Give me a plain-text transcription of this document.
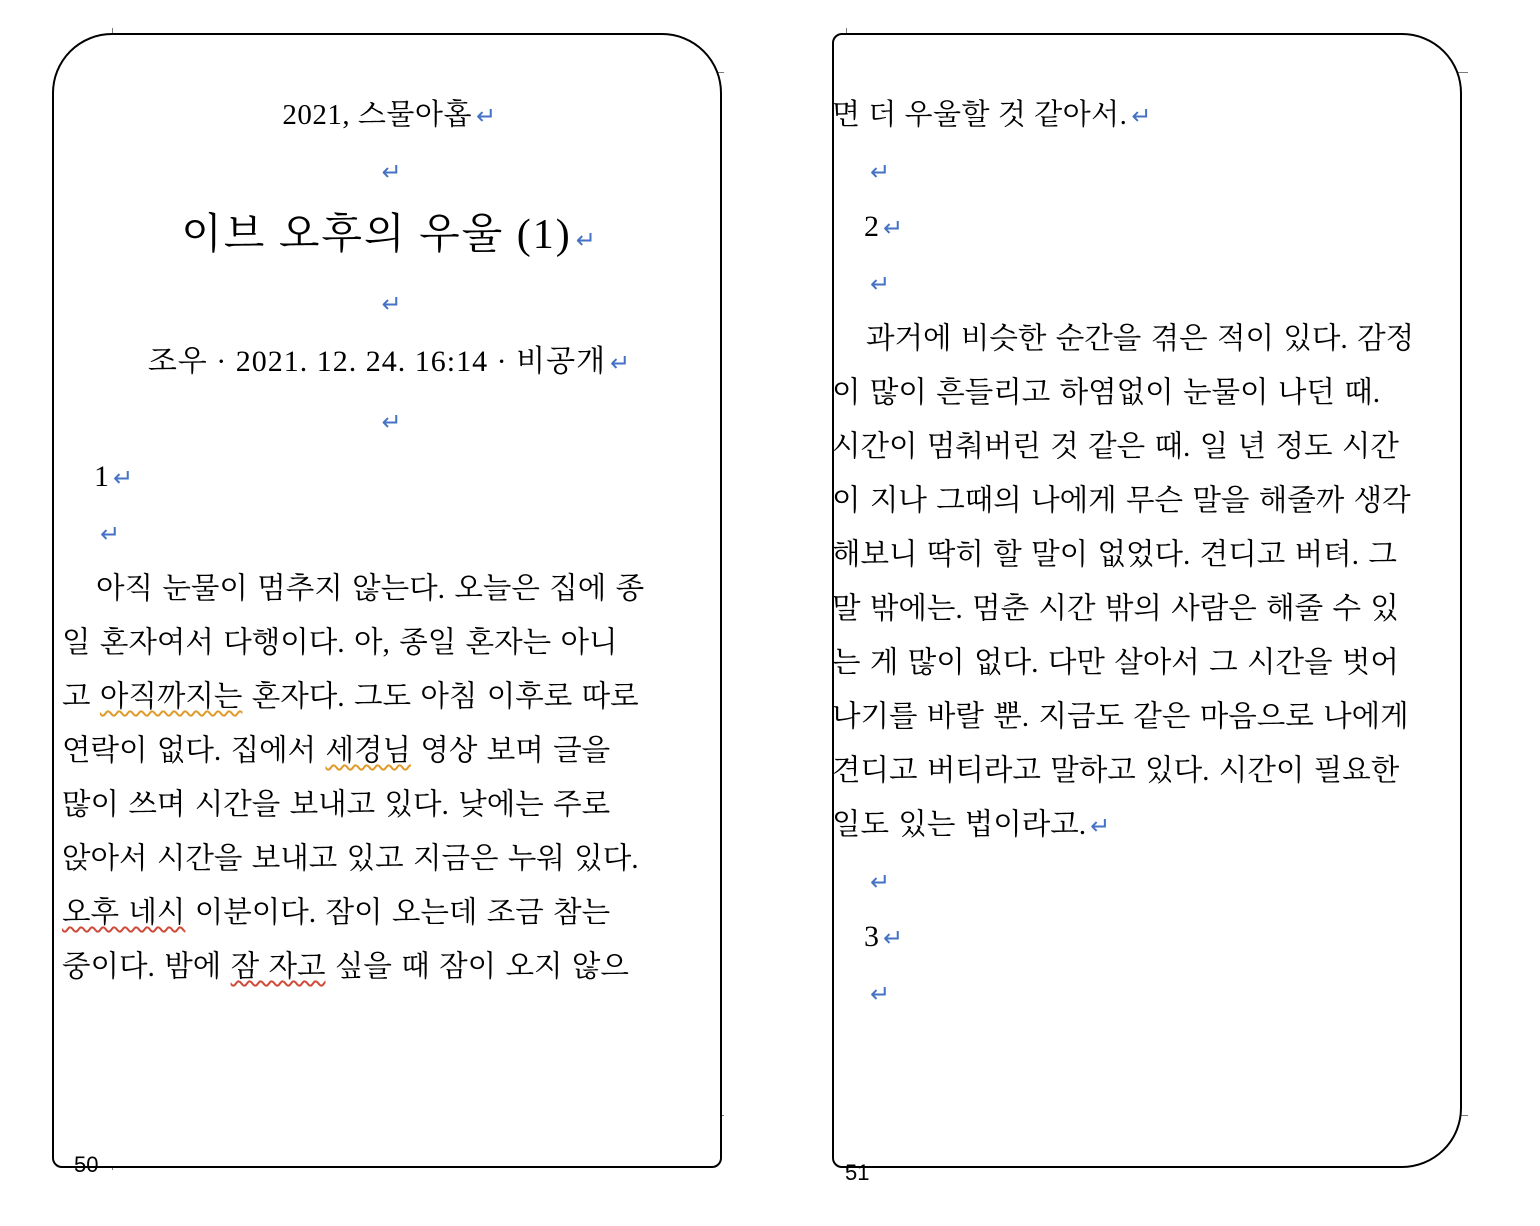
2021, 스물아홉 ↵
↵
이브 오후의 우울 (1) ↵
↵
조우 · 2021. 12. 24. 16:14 · 비공개 ↵
↵
1 ↵
↵
아직 눈물이 멈추지 않는다. 오늘은 집에 종
일 혼자여서 다행이다. 아, 종일 혼자는 아니
고 아직까지는 혼자다. 그도 아침 이후로 따로
연락이 없다. 집에서 세경님 영상 보며 글을
많이 쓰며 시간을 보내고 있다. 낮에는 주로
앉아서 시간을 보내고 있고 지금은 누워 있다.
오후 네시 이분이다. 잠이 오는데 조금 참는
중이다. 밤에 잠 자고 싶을 때 잠이 오지 않으
50
면 더 우울할 것 같아서. ↵
↵
2 ↵
↵
과거에 비슷한 순간을 겪은 적이 있다. 감정
이 많이 흔들리고 하염없이 눈물이 나던 때.
시간이 멈춰버린 것 같은 때. 일 년 정도 시간
이 지나 그때의 나에게 무슨 말을 해줄까 생각
해보니 딱히 할 말이 없었다. 견디고 버텨. 그
말 밖에는. 멈춘 시간 밖의 사람은 해줄 수 있
는 게 많이 없다. 다만 살아서 그 시간을 벗어
나기를 바랄 뿐. 지금도 같은 마음으로 나에게
견디고 버티라고 말하고 있다. 시간이 필요한
일도 있는 법이라고. ↵
↵
3 ↵
↵
51
